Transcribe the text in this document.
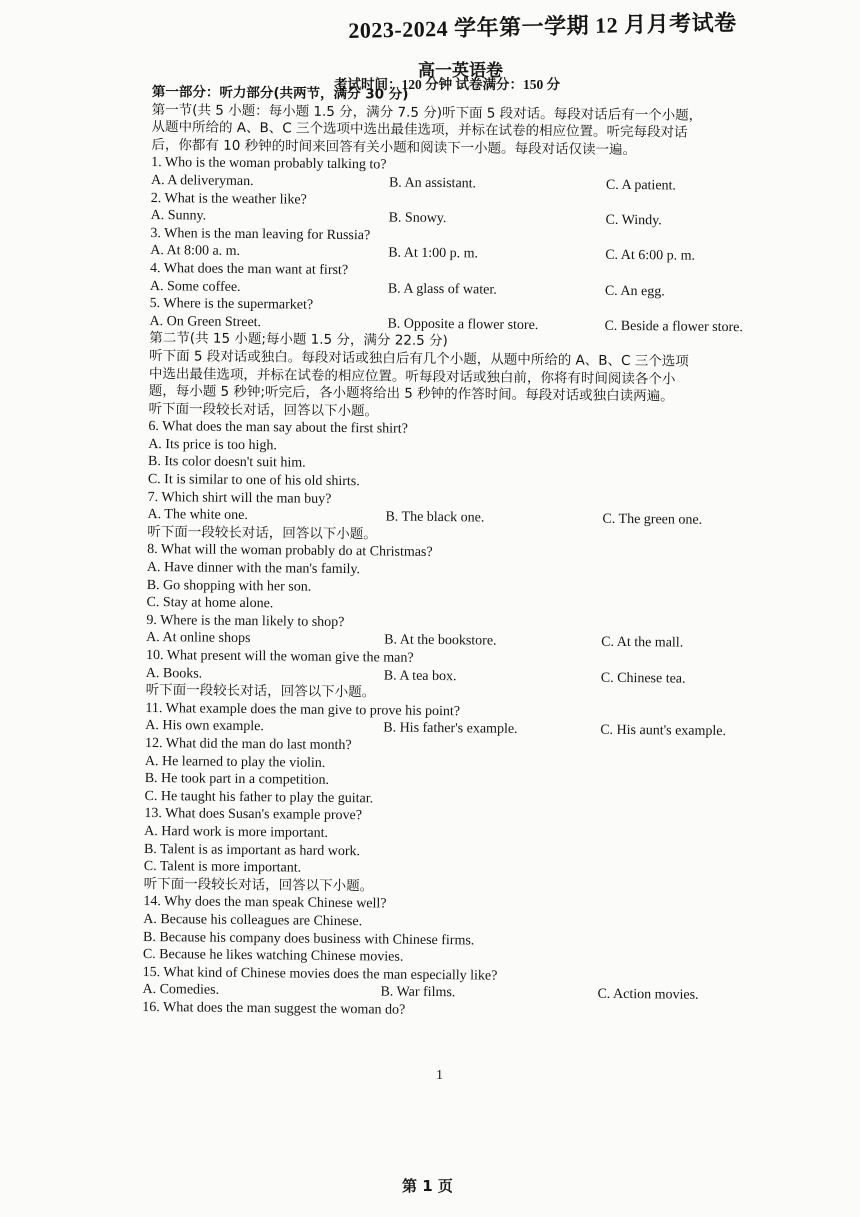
2023-2024 学年第一学期 12 月月考试卷
高一英语卷
考试时间：120 分钟 试卷满分：150 分
第一部分：听力部分(共两节，满分 30 分)
第一节(共 5 小题：每小题 1.5 分，满分 7.5 分)听下面 5 段对话。每段对话后有一个小题，
从题中所给的 A、B、C 三个选项中选出最佳选项，并标在试卷的相应位置。听完每段对话
后，你都有 10 秒钟的时间来回答有关小题和阅读下一小题。每段对话仅读一遍。
1. Who is the woman probably talking to?
A. A deliveryman.	B. An assistant.	C. A patient.
2. What is the weather like?
A. Sunny.	B. Snowy.	C. Windy.
3. When is the man leaving for Russia?
A. At 8:00 a. m.	B. At 1:00 p. m.	C. At 6:00 p. m.
4. What does the man want at first?
A. Some coffee.	B. A glass of water.	C. An egg.
5. Where is the supermarket?
A. On Green Street.	B. Opposite a flower store.	C. Beside a flower store.
第二节(共 15 小题;每小题 1.5 分，满分 22.5 分)
听下面 5 段对话或独白。每段对话或独白后有几个小题，从题中所给的 A、B、C 三个选项
中选出最佳选项，并标在试卷的相应位置。听每段对话或独白前，你将有时间阅读各个小
题，每小题 5 秒钟;听完后，各小题将给出 5 秒钟的作答时间。每段对话或独白读两遍。
听下面一段较长对话，回答以下小题。
6. What does the man say about the first shirt?
A. Its price is too high.
B. Its color doesn't suit him.
C. It is similar to one of his old shirts.
7. Which shirt will the man buy?
A. The white one.	B. The black one.	C. The green one.
听下面一段较长对话，回答以下小题。
8. What will the woman probably do at Christmas?
A. Have dinner with the man's family.
B. Go shopping with her son.
C. Stay at home alone.
9. Where is the man likely to shop?
A. At online shops	B. At the bookstore.	C. At the mall.
10. What present will the woman give the man?
A. Books.	B. A tea box.	C. Chinese tea.
听下面一段较长对话，回答以下小题。
11. What example does the man give to prove his point?
A. His own example.	B. His father's example.	C. His aunt's example.
12. What did the man do last month?
A. He learned to play the violin.
B. He took part in a competition.
C. He taught his father to play the guitar.
13. What does Susan's example prove?
A. Hard work is more important.
B. Talent is as important as hard work.
C. Talent is more important.
听下面一段较长对话，回答以下小题。
14. Why does the man speak Chinese well?
A. Because his colleagues are Chinese.
B. Because his company does business with Chinese firms.
C. Because he likes watching Chinese movies.
15. What kind of Chinese movies does the man especially like?
A. Comedies.	B. War films.	C. Action movies.
16. What does the man suggest the woman do?
1
第 1 页
